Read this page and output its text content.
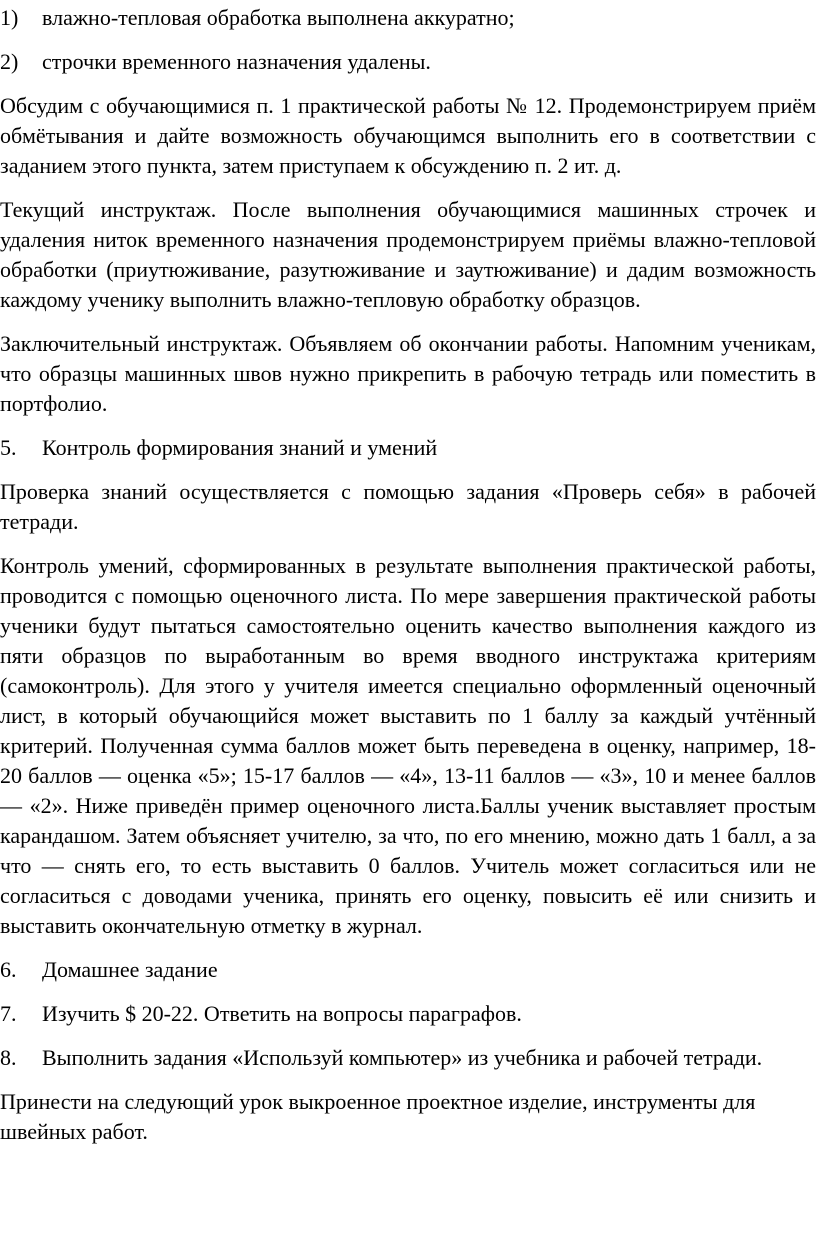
1)	влажно-тепловая обработка выполнена аккуратно;
2)	строчки временного назначения удалены.

Обсудим с обучающимися п. 1 практической работы № 12. Продемонстрируем приём обмётывания и дайте возможность обучающимся выполнить его в соответствии с заданием этого пункта, затем приступаем к обсуждению п. 2 ит. д.

Текущий инструктаж. После выполнения обучающимися машинных строчек и удаления ниток временного назначения продемонстрируем приёмы влажно-тепловой обработки (приутюживание, разутюживание и заутюживание) и дадим возможность каждому ученику выполнить влажно-тепловую обработку образцов.

Заключительный инструктаж. Объявляем об окончании работы. Напомним ученикам, что образцы машинных швов нужно прикрепить в рабочую тетрадь или поместить в портфолио.

5.	Контроль формирования знаний и умений

Проверка знаний осуществляется с помощью задания «Проверь себя» в рабочей тетради.

Контроль умений, сформированных в результате выполнения практической работы, проводится с помощью оценочного листа. По мере завершения практической работы ученики будут пытаться самостоятельно оценить качество выполнения каждого из пяти образцов по выработанным во время вводного инструктажа критериям (самоконтроль). Для этого у учителя имеется специально оформленный оценочный лист, в который обучающийся может выставить по 1 баллу за каждый учтённый критерий. Полученная сумма баллов может быть переведена в оценку, например, 18-20 баллов — оценка «5»; 15-17 баллов — «4», 13-11 баллов — «3», 10 и менее баллов — «2». Ниже приведён пример оценочного листа.Баллы ученик выставляет простым карандашом. Затем объясняет учителю, за что, по его мнению, можно дать 1 балл, а за что — снять его, то есть выставить 0 баллов. Учитель может согласиться или не согласиться с доводами ученика, принять его оценку, повысить её или снизить и выставить окончательную отметку в журнал.

6.	Домашнее задание
7.	Изучить $ 20-22. Ответить на вопросы параграфов.
8.	Выполнить задания «Используй компьютер» из учебника и рабочей тетради.

Принести на следующий урок выкроенное проектное изделие, инструменты для швейных работ.
